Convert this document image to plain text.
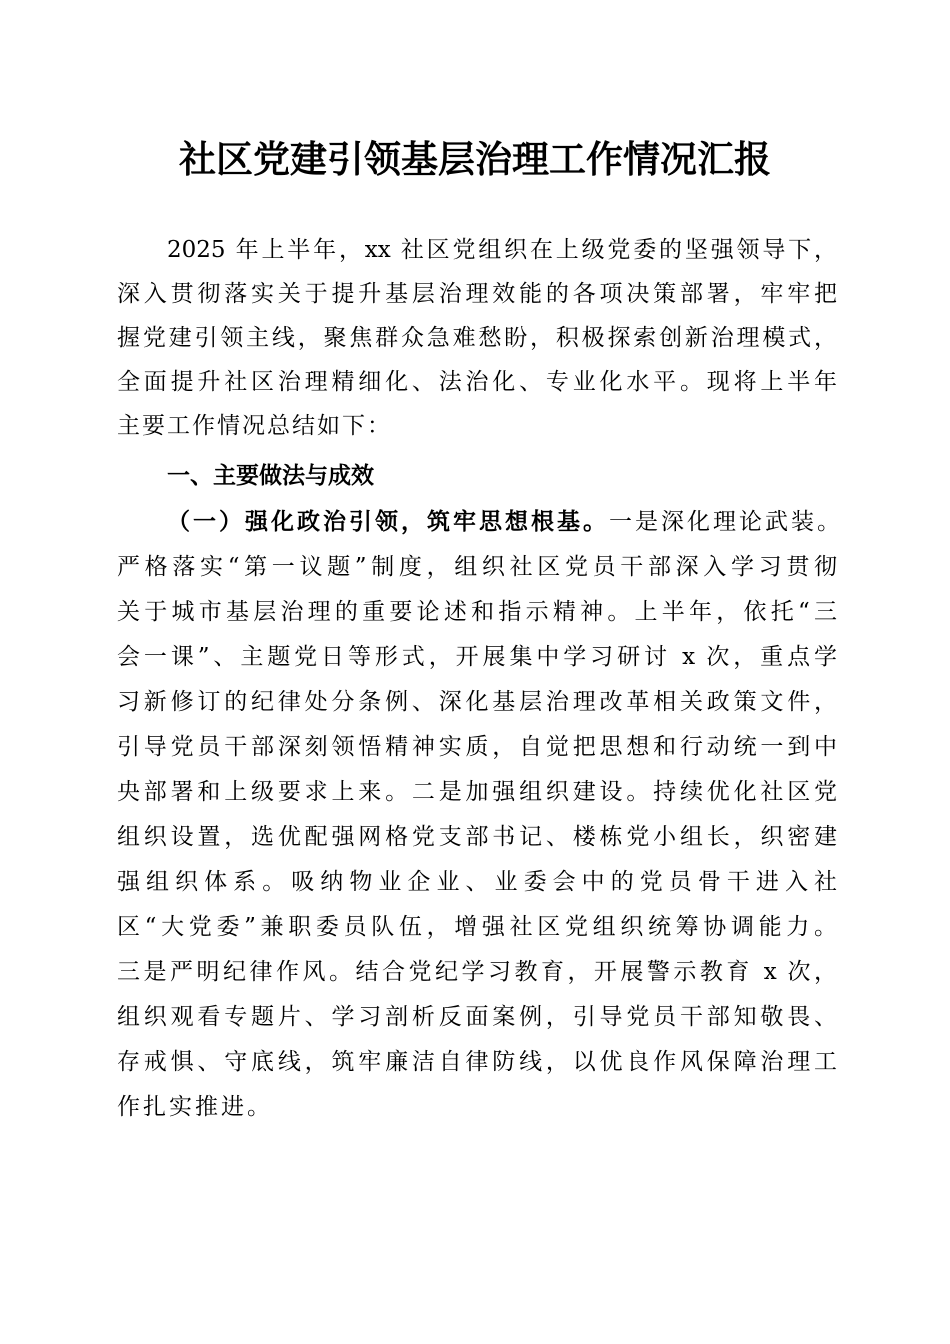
社区党建引领基层治理工作情况汇报
2025 年上半年，xx 社区党组织在上级党委的坚强领导下，
深入贯彻落实关于提升基层治理效能的各项决策部署，牢牢把
握党建引领主线，聚焦群众急难愁盼，积极探索创新治理模式，
全面提升社区治理精细化、法治化、专业化水平。现将上半年
主要工作情况总结如下：
一、主要做法与成效
（一）强化政治引领，筑牢思想根基。 一是深化理论武装。
严格落实“第一议题”制度，组织社区党员干部深入学习贯彻
关于城市基层治理的重要论述和指示精神。上半年，依托“三
会一课”、主题党日等形式，开展集中学习研讨 x 次，重点学
习新修订的纪律处分条例、深化基层治理改革相关政策文件，
引导党员干部深刻领悟精神实质，自觉把思想和行动统一到中
央部署和上级要求上来。二是加强组织建设。持续优化社区党
组织设置，选优配强网格党支部书记、楼栋党小组长，织密建
强组织体系。吸纳物业企业、业委会中的党员骨干进入社
区“大党委”兼职委员队伍，增强社区党组织统筹协调能力。
三是严明纪律作风。结合党纪学习教育，开展警示教育 x 次，
组织观看专题片、学习剖析反面案例，引导党员干部知敬畏、
存戒惧、守底线，筑牢廉洁自律防线，以优良作风保障治理工
作扎实推进。
